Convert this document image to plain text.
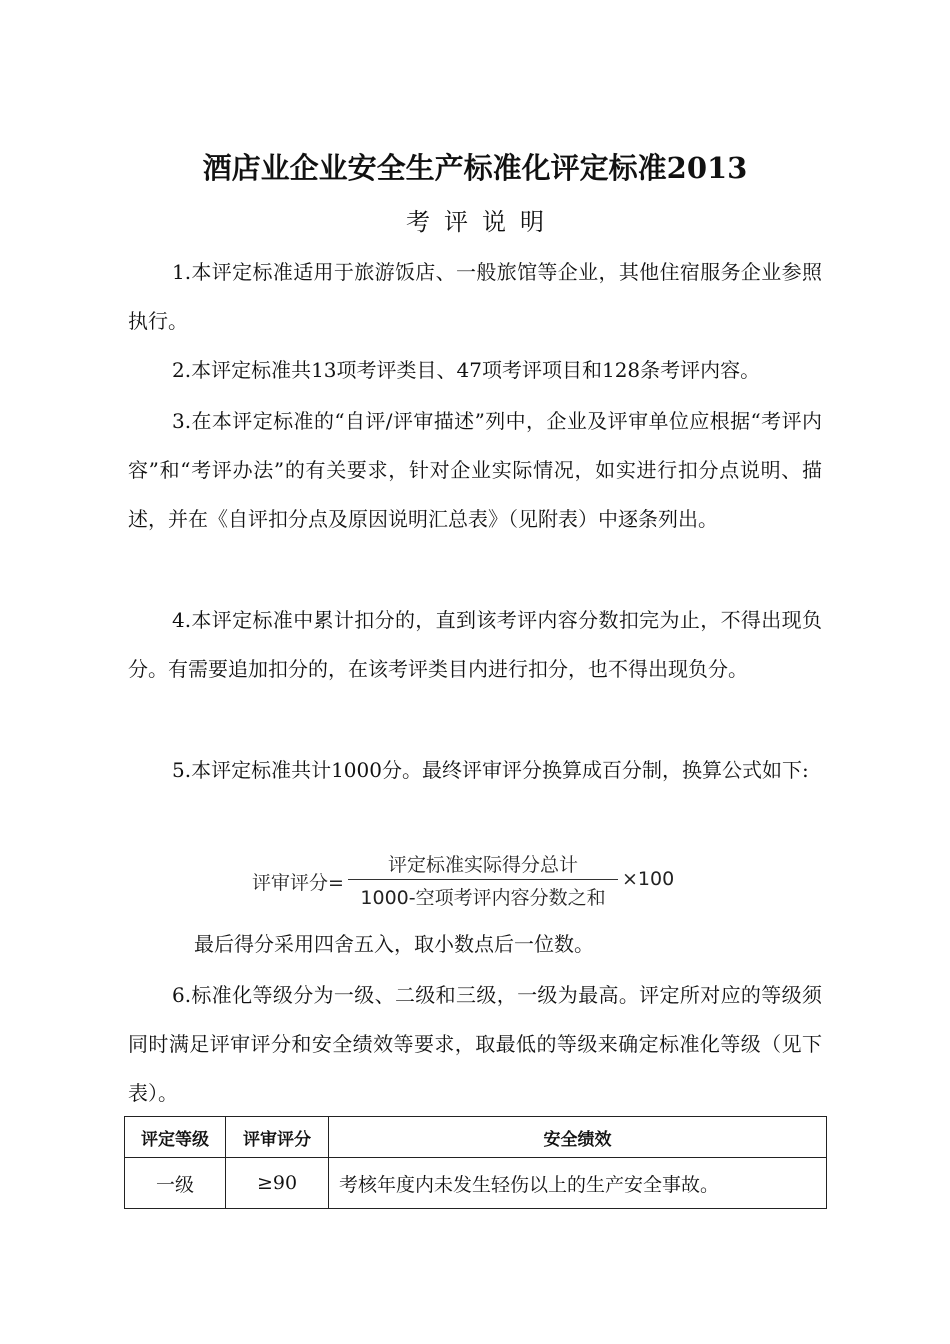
酒店业企业安全生产标准化评定标准2013
考评说明

1.本评定标准适用于旅游饭店、一般旅馆等企业，其他住宿服务企业参照执行。

2.本评定标准共13项考评类目、47项考评项目和128条考评内容。

3.在本评定标准的“自评/评审描述”列中，企业及评审单位应根据“考评内容”和“考评办法”的有关要求，针对企业实际情况，如实进行扣分点说明、描述，并在《自评扣分点及原因说明汇总表》（见附表）中逐条列出。

4.本评定标准中累计扣分的，直到该考评内容分数扣完为止，不得出现负分。有需要追加扣分的，在该考评类目内进行扣分，也不得出现负分。

5.本评定标准共计1000分。最终评审评分换算成百分制，换算公式如下:

评审评分=
评定标准实际得分总计
1000-空项考评内容分数之和
×100

最后得分采用四舍五入，取小数点后一位数。

6.标准化等级分为一级、二级和三级，一级为最高。评定所对应的等级须同时满足评审评分和安全绩效等要求，取最低的等级来确定标准化等级（见下表）。

评定等级	评审评分	安全绩效
一级	≥90	考核年度内未发生轻伤以上的生产安全事故。
